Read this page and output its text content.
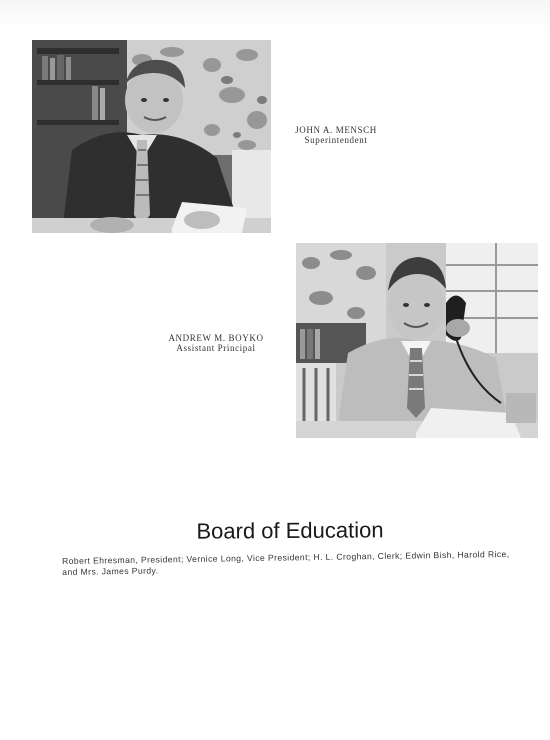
JOHN A. MENSCH
Superintendent
ANDREW M. BOYKO
Assistant Principal
Board of Education
Robert Ehresman, President; Vernice Long, Vice President; H. L. Croghan, Clerk; Edwin Bish, Harold Rice,
and Mrs. James Purdy.
